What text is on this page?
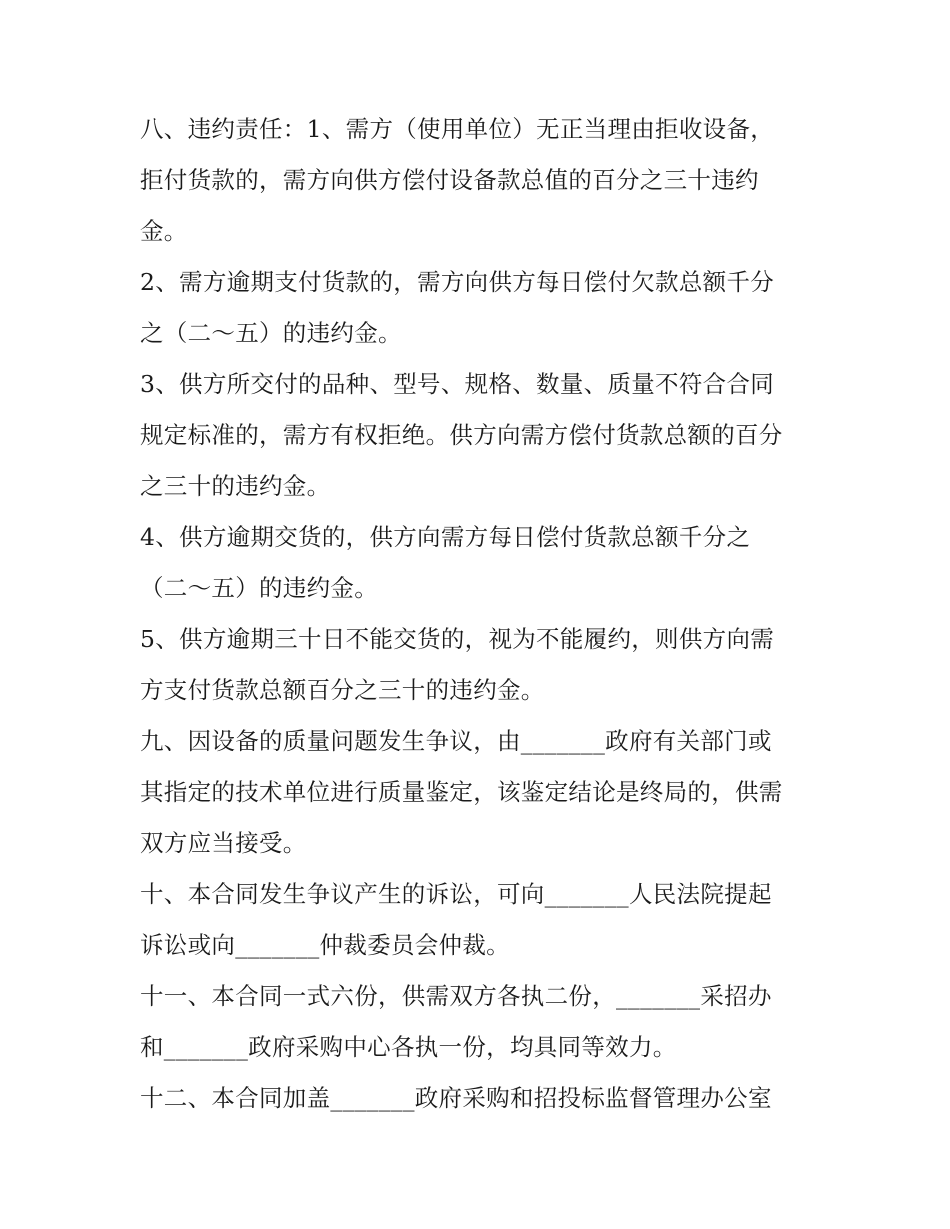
八、违约责任：1、需方（使用单位）无正当理由拒收设备，
拒付货款的，需方向供方偿付设备款总值的百分之三十违约
金。
2、需方逾期支付货款的，需方向供方每日偿付欠款总额千分
之（二～五）的违约金。
3、供方所交付的品种、型号、规格、数量、质量不符合合同
规定标准的，需方有权拒绝。供方向需方偿付货款总额的百分
之三十的违约金。
4、供方逾期交货的，供方向需方每日偿付货款总额千分之
（二～五）的违约金。
5、供方逾期三十日不能交货的，视为不能履约，则供方向需
方支付货款总额百分之三十的违约金。
九、因设备的质量问题发生争议，由_______政府有关部门或
其指定的技术单位进行质量鉴定，该鉴定结论是终局的，供需
双方应当接受。
十、本合同发生争议产生的诉讼，可向_______人民法院提起
诉讼或向_______仲裁委员会仲裁。
十一、本合同一式六份，供需双方各执二份，_______采招办
和_______政府采购中心各执一份，均具同等效力。
十二、本合同加盖_______政府采购和招投标监督管理办公室
